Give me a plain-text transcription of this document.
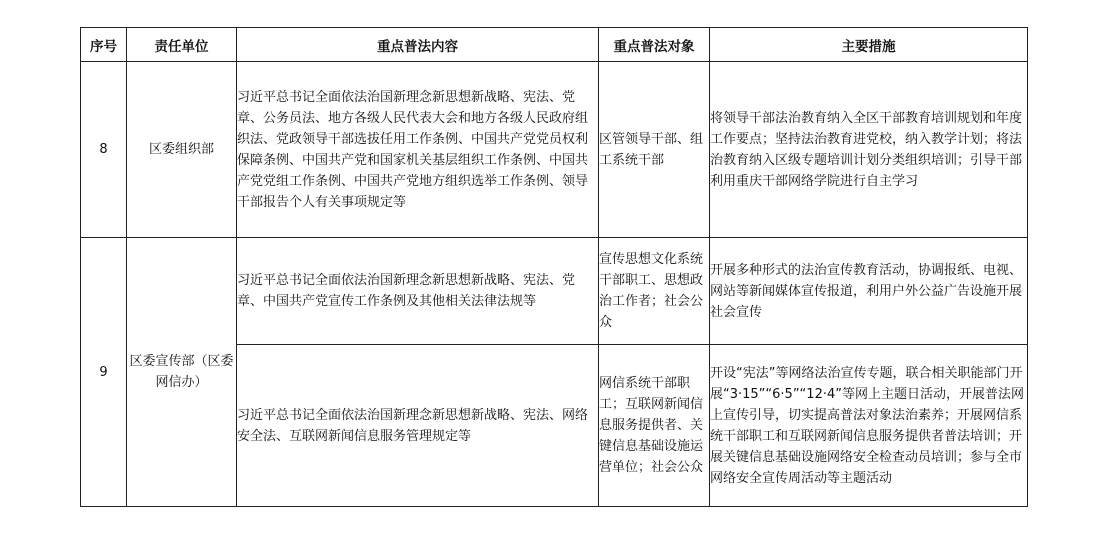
序号	责任单位	重点普法内容	重点普法对象	主要措施
8	区委组织部	习近平总书记全面依法治国新理念新思想新战略、宪法、党章、公务员法、地方各级人民代表大会和地方各级人民政府组织法、党政领导干部选拔任用工作条例、中国共产党党员权利保障条例、中国共产党和国家机关基层组织工作条例、中国共产党党组工作条例、中国共产党地方组织选举工作条例、领导干部报告个人有关事项规定等	区管领导干部、组工系统干部	将领导干部法治教育纳入全区干部教育培训规划和年度工作要点；坚持法治教育进党校，纳入教学计划；将法治教育纳入区级专题培训计划分类组织培训；引导干部利用重庆干部网络学院进行自主学习
9	区委宣传部（区委网信办）	习近平总书记全面依法治国新理念新思想新战略、宪法、党章、中国共产党宣传工作条例及其他相关法律法规等	宣传思想文化系统干部职工、思想政治工作者；社会公众	开展多种形式的法治宣传教育活动，协调报纸、电视、网站等新闻媒体宣传报道，利用户外公益广告设施开展社会宣传
		习近平总书记全面依法治国新理念新思想新战略、宪法、网络安全法、互联网新闻信息服务管理规定等	网信系统干部职工；互联网新闻信息服务提供者、关键信息基础设施运营单位；社会公众	开设“宪法”等网络法治宣传专题，联合相关职能部门开展“3·15”“6·5”“12·4”等网上主题日活动，开展普法网上宣传引导，切实提高普法对象法治素养；开展网信系统干部职工和互联网新闻信息服务提供者普法培训；开展关键信息基础设施网络安全检查动员培训；参与全市网络安全宣传周活动等主题活动
